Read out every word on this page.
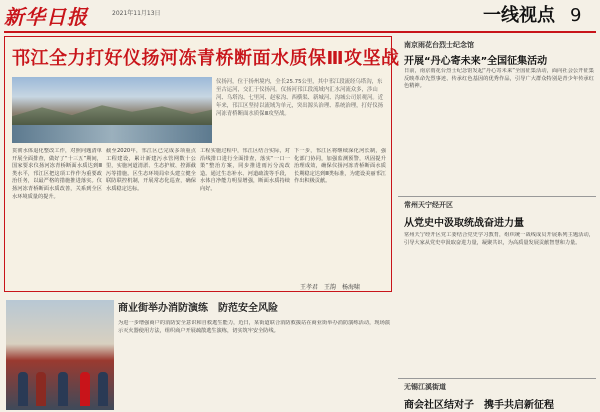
新华日报	2021年11月13日	一线视点 9
邗江全力打好仪扬河冻青桥断面水质保Ⅲ攻坚战
仪扬河，位于扬州境内，全长25.75公里，其中邗江段流经乌塔沟，东至古运河，交汇于仪扬河。仪扬河邗江段流域内汇水河流众多，涉山河、乌塔沟、七里河、赵家沟、西横渠、新城河、沟城公司景观河。近年来，邗江区坚持以流域为单元，突出源头治理、系统治理，打好仪扬河冻青桥断面水质保Ⅲ攻坚战。
贯彻水体退化整改工作，对照问题清单开展全面排查，做好了“十三五”期间，国家要求仪扬河冻青桥断面水质达到Ⅲ类水平，邗江区把这项工作作为重要政治任务，以最严格的措施推进落实。仪扬河冻青桥断面水质改善，关系到全区水环境质量的提升。
截至2020年，邗江区已完成多项重点工程建设，累计新建污水管网数十公里，实施河道清淤、生态护坡、控源截污等措施。区生态环境局牵头建立健全联防联控机制，开展常态化巡查，确保水质稳定达标。
工程实施过程中，邗江区结合实际，对沿线排口进行全面排查，落实“一口一策”整治方案，同步推进雨污分流改造。通过生态补水、河道疏浚等手段，水体自净能力明显增强，断面水质持续向好。
下一步，邗江区将继续深化河长制，强化部门协同，加强监测预警，巩固提升治理成效，确保仪扬河冻青桥断面水质长期稳定达到Ⅲ类标准，为建设美丽邗江作出积极贡献。
王孝君　王韵　杨海啸
商业街举办消防演练　防范安全风险
为进一步增强商户的消防安全意识和自救逃生能力，近日，某街道联合消防救援站在商业街举办消防演练活动，现场演示灭火器使用方法，组织商户开展疏散逃生演练，切实筑牢安全防线。
南京雨花台烈士纪念馆
开展“丹心寄未来”全国征集活动
日前，南京雨花台烈士纪念馆发起“丹心寄未来”全国征集活动，面向社会公开征集反映革命先烈事迹、传承红色基因的优秀作品，引导广大群众特别是青少年传承红色精神。
常州天宁经开区
从党史中汲取统战奋进力量
常州天宁经开区党工委结合党史学习教育，组织统一战线成员开展系列主题活动，引导大家从党史中汲取奋进力量，凝聚共识，为高质量发展贡献智慧和力量。
无锡江溪街道
商会社区结对子　携手共启新征程
